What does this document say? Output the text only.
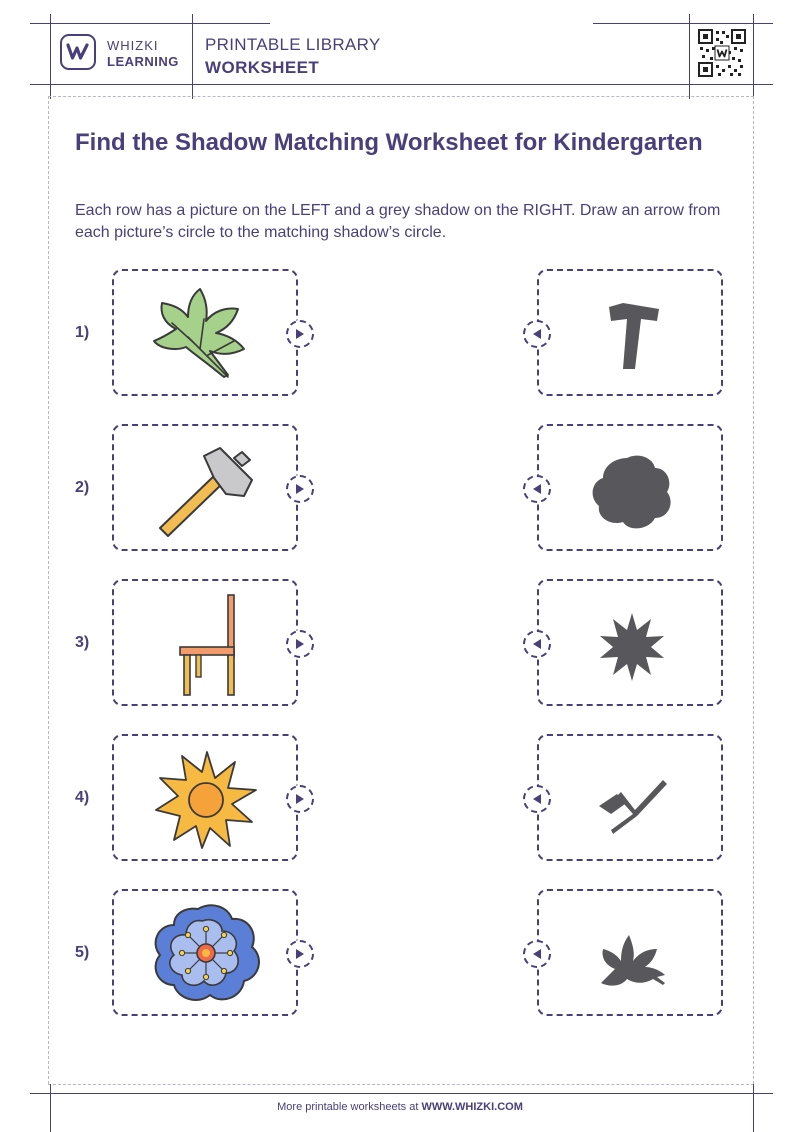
WHIZKI
LEARNING
PRINTABLE LIBRARY
WORKSHEET
Find the Shadow Matching Worksheet for Kindergarten

Each row has a picture on the LEFT and a grey shadow on the RIGHT. Draw an arrow from each picture’s circle to the matching shadow’s circle.

1)
2)
3)
4)
5)
More printable worksheets at WWW.WHIZKI.COM
